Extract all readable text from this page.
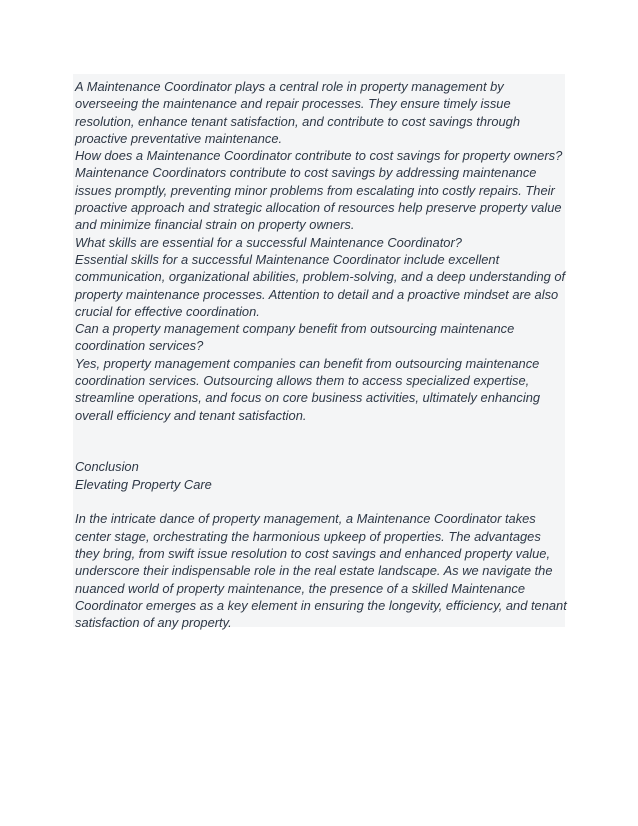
A Maintenance Coordinator plays a central role in property management by overseeing the maintenance and repair processes. They ensure timely issue resolution, enhance tenant satisfaction, and contribute to cost savings through proactive preventative maintenance.

How does a Maintenance Coordinator contribute to cost savings for property owners?

Maintenance Coordinators contribute to cost savings by addressing maintenance issues promptly, preventing minor problems from escalating into costly repairs. Their proactive approach and strategic allocation of resources help preserve property value and minimize financial strain on property owners.

What skills are essential for a successful Maintenance Coordinator?

Essential skills for a successful Maintenance Coordinator include excellent communication, organizational abilities, problem-solving, and a deep understanding of property maintenance processes. Attention to detail and a proactive mindset are also crucial for effective coordination.

Can a property management company benefit from outsourcing maintenance coordination services?

Yes, property management companies can benefit from outsourcing maintenance coordination services. Outsourcing allows them to access specialized expertise, streamline operations, and focus on core business activities, ultimately enhancing overall efficiency and tenant satisfaction.

Conclusion

Elevating Property Care

In the intricate dance of property management, a Maintenance Coordinator takes center stage, orchestrating the harmonious upkeep of properties. The advantages they bring, from swift issue resolution to cost savings and enhanced property value, underscore their indispensable role in the real estate landscape. As we navigate the nuanced world of property maintenance, the presence of a skilled Maintenance Coordinator emerges as a key element in ensuring the longevity, efficiency, and tenant satisfaction of any property.
